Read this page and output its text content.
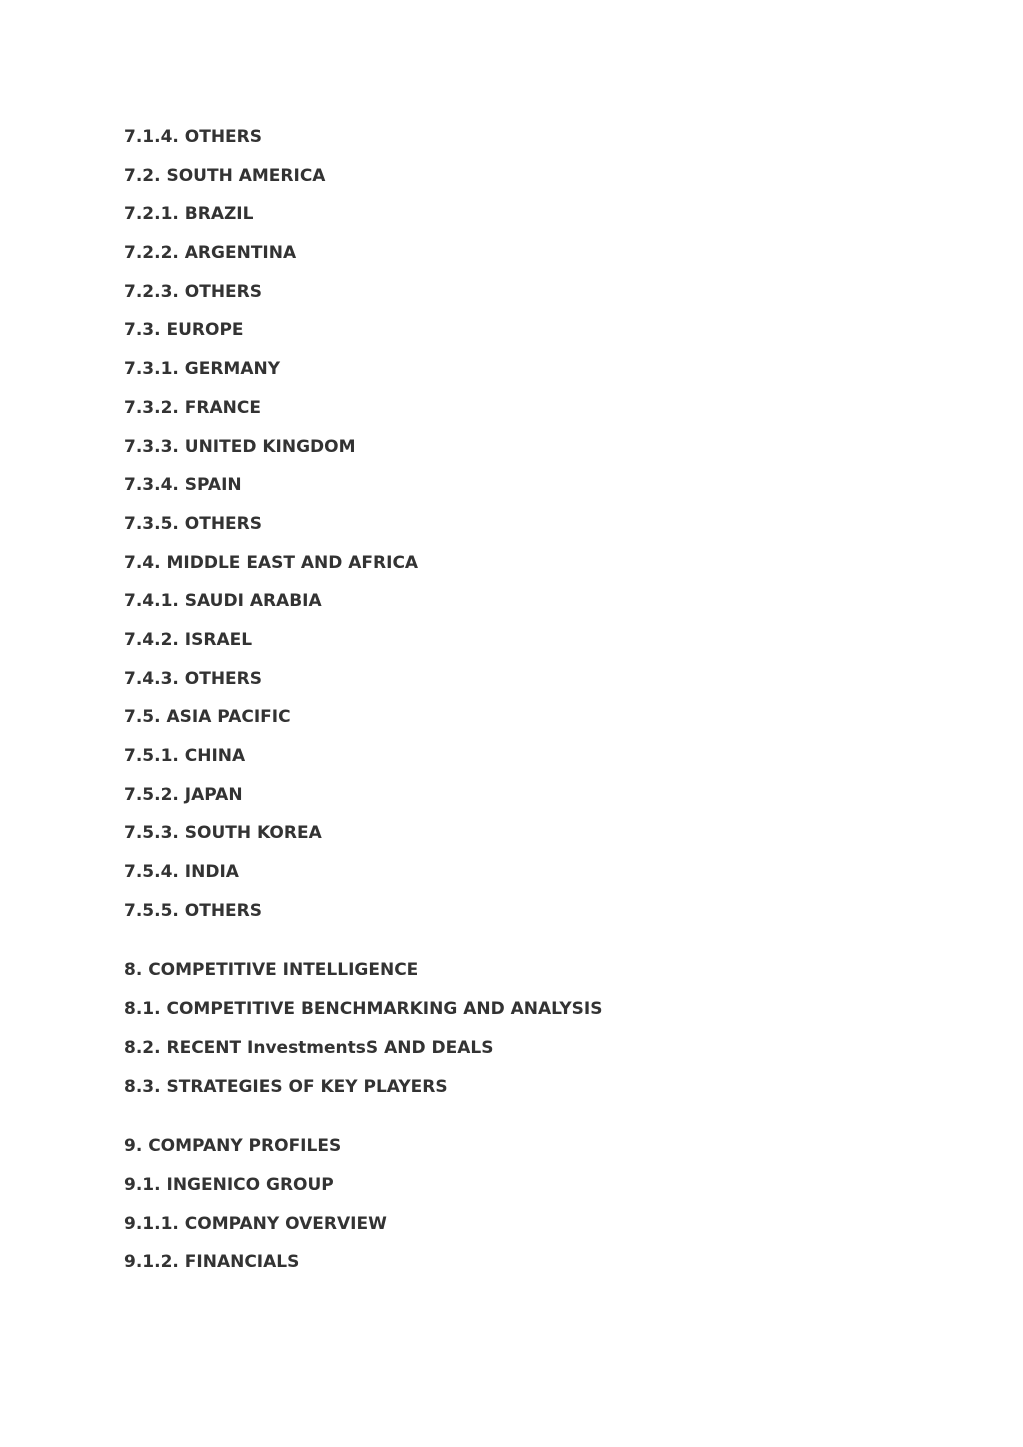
7.1.4. OTHERS
7.2. SOUTH AMERICA
7.2.1. BRAZIL
7.2.2. ARGENTINA
7.2.3. OTHERS
7.3. EUROPE
7.3.1. GERMANY
7.3.2. FRANCE
7.3.3. UNITED KINGDOM
7.3.4. SPAIN
7.3.5. OTHERS
7.4. MIDDLE EAST AND AFRICA
7.4.1. SAUDI ARABIA
7.4.2. ISRAEL
7.4.3. OTHERS
7.5. ASIA PACIFIC
7.5.1. CHINA
7.5.2. JAPAN
7.5.3. SOUTH KOREA
7.5.4. INDIA
7.5.5. OTHERS
8. COMPETITIVE INTELLIGENCE
8.1. COMPETITIVE BENCHMARKING AND ANALYSIS
8.2. RECENT InvestmentsS AND DEALS
8.3. STRATEGIES OF KEY PLAYERS
9. COMPANY PROFILES
9.1. INGENICO GROUP
9.1.1. COMPANY OVERVIEW
9.1.2. FINANCIALS
